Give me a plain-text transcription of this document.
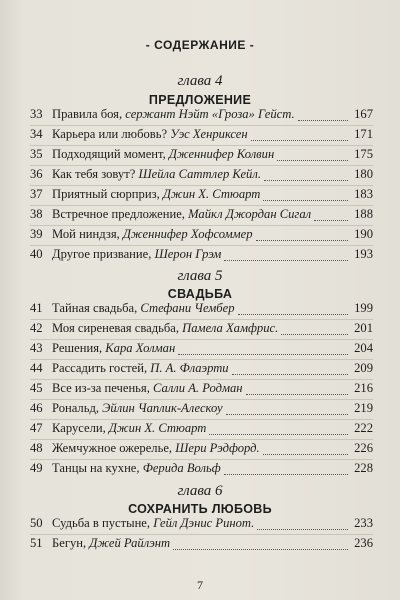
- СОДЕРЖАНИЕ -
глава 4
ПРЕДЛОЖЕНИЕ
33 Правила боя, сержант Нэйт «Гроза» Гейст.	167
34 Карьера или любовь? Уэс Хенриксен	171
35 Подходящий момент, Дженнифер Колвин	175
36 Как тебя зовут? Шейла Саттлер Кейл.	180
37 Приятный сюрприз, Джин Х. Стюарт	183
38 Встречное предложение, Майкл Джордан Сигал	188
39 Мой ниндзя, Дженнифер Хофсоммер	190
40 Другое призвание, Шерон Грэм	193
глава 5
СВАДЬБА
41 Тайная свадьба, Стефани Чембер	199
42 Моя сиреневая свадьба, Памела Хамфрис.	201
43 Решения, Кара Холман	204
44 Рассадить гостей, П. А. Флаэрти	209
45 Все из-за печенья, Салли А. Родман	216
46 Рональд, Эйлин Чаплик-Алескоу	219
47 Карусели, Джин Х. Стюарт	222
48 Жемчужное ожерелье, Шери Рэдфорд.	226
49 Танцы на кухне, Ферида Вольф	228
глава 6
СОХРАНИТЬ ЛЮБОВЬ
50 Судьба в пустыне, Гейл Дэнис Ринот.	233
51 Бегун, Джей Райлэнт	236
7
